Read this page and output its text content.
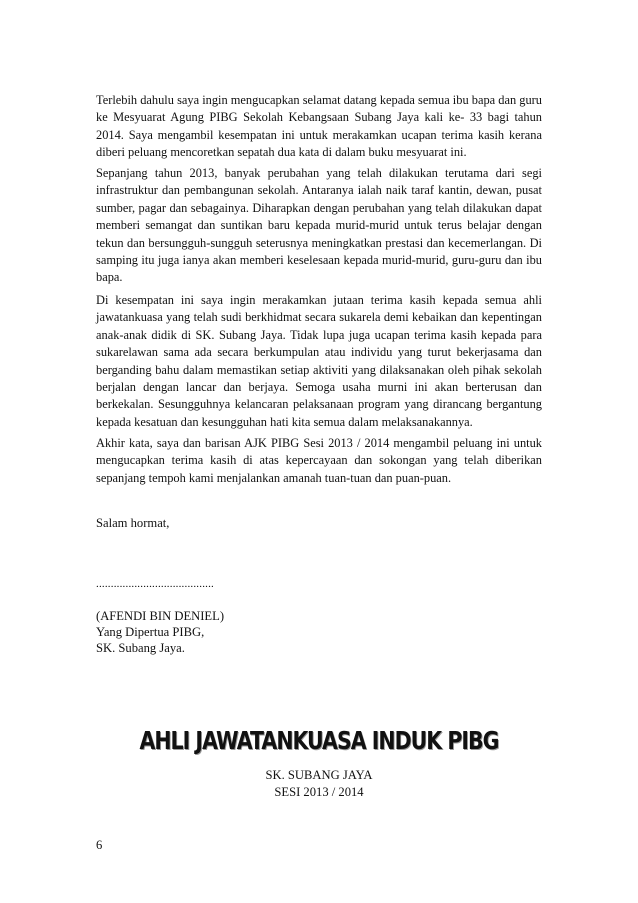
Terlebih dahulu saya ingin mengucapkan selamat datang kepada semua ibu bapa dan guru ke Mesyuarat Agung PIBG Sekolah Kebangsaan Subang Jaya kali ke- 33 bagi tahun 2014. Saya mengambil kesempatan ini untuk merakamkan ucapan terima kasih kerana diberi peluang mencoretkan sepatah dua kata di dalam buku mesyuarat ini.

Sepanjang tahun 2013, banyak perubahan yang telah dilakukan terutama dari segi infrastruktur dan pembangunan sekolah. Antaranya ialah naik taraf kantin, dewan, pusat sumber, pagar dan sebagainya. Diharapkan dengan perubahan yang telah dilakukan dapat memberi semangat dan suntikan baru kepada murid-murid untuk terus belajar dengan tekun dan bersungguh-sungguh seterusnya meningkatkan prestasi dan kecemerlangan. Di samping itu juga ianya akan memberi keselesaan kepada murid-murid, guru-guru dan ibu bapa.

Di kesempatan ini saya ingin merakamkan jutaan terima kasih kepada semua ahli jawatankuasa yang telah sudi berkhidmat secara sukarela demi kebaikan dan kepentingan anak-anak didik di SK. Subang Jaya. Tidak lupa juga ucapan terima kasih kepada para sukarelawan sama ada secara berkumpulan atau individu yang turut bekerjasama dan berganding bahu dalam memastikan setiap aktiviti yang dilaksanakan oleh pihak sekolah berjalan dengan lancar dan berjaya. Semoga usaha murni ini akan berterusan dan berkekalan. Sesungguhnya kelancaran pelaksanaan program yang dirancang bergantung kepada kesatuan dan kesungguhan hati kita semua dalam melaksanakannya.

Akhir kata, saya dan barisan AJK PIBG Sesi 2013 / 2014 mengambil peluang ini untuk mengucapkan terima kasih di atas kepercayaan dan sokongan yang telah diberikan sepanjang tempoh kami menjalankan amanah tuan-tuan dan puan-puan.

Salam hormat,

........................................

(AFENDI BIN DENIEL)
Yang Dipertua PIBG,
SK. Subang Jaya.
AHLI JAWATANKUASA INDUK PIBG
SK. SUBANG JAYA
SESI 2013 / 2014
6
